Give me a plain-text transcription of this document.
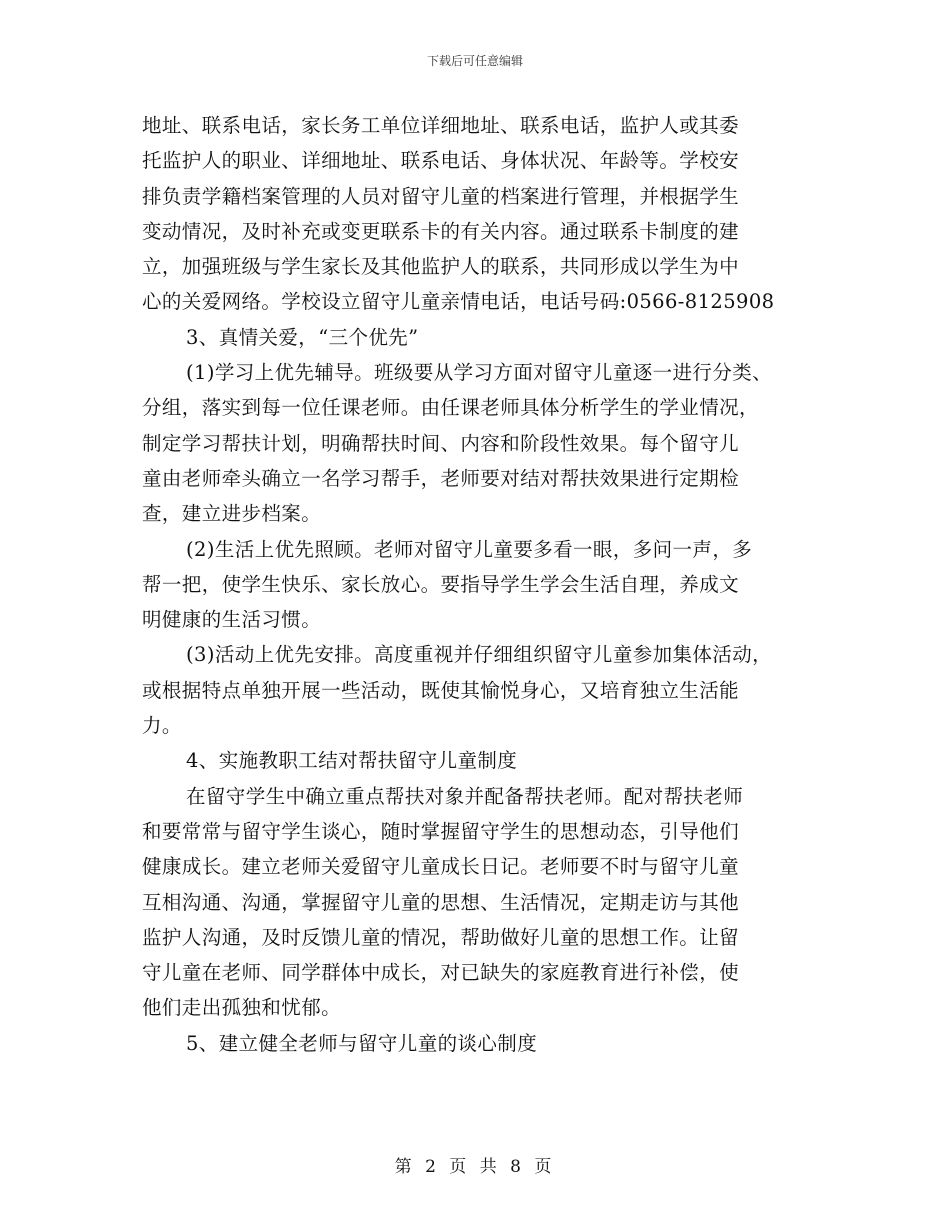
下载后可任意编辑
地址、联系电话，家长务工单位详细地址、联系电话，监护人或其委
托监护人的职业、详细地址、联系电话、身体状况、年龄等。学校安
排负责学籍档案管理的人员对留守儿童的档案进行管理，并根据学生
变动情况，及时补充或变更联系卡的有关内容。通过联系卡制度的建
立，加强班级与学生家长及其他监护人的联系，共同形成以学生为中
心的关爱网络。学校设立留守儿童亲情电话，电话号码:0566-8125908
3、真情关爱，“三个优先”
(1)学习上优先辅导。班级要从学习方面对留守儿童逐一进行分类、
分组，落实到每一位任课老师。由任课老师具体分析学生的学业情况，
制定学习帮扶计划，明确帮扶时间、内容和阶段性效果。每个留守儿
童由老师牵头确立一名学习帮手，老师要对结对帮扶效果进行定期检
查，建立进步档案。
(2)生活上优先照顾。老师对留守儿童要多看一眼，多问一声，多
帮一把，使学生快乐、家长放心。要指导学生学会生活自理，养成文
明健康的生活习惯。
(3)活动上优先安排。高度重视并仔细组织留守儿童参加集体活动，
或根据特点单独开展一些活动，既使其愉悦身心，又培育独立生活能
力。
4、实施教职工结对帮扶留守儿童制度
在留守学生中确立重点帮扶对象并配备帮扶老师。配对帮扶老师
和要常常与留守学生谈心，随时掌握留守学生的思想动态，引导他们
健康成长。建立老师关爱留守儿童成长日记。老师要不时与留守儿童
互相沟通、沟通，掌握留守儿童的思想、生活情况，定期走访与其他
监护人沟通，及时反馈儿童的情况，帮助做好儿童的思想工作。让留
守儿童在老师、同学群体中成长，对已缺失的家庭教育进行补偿，使
他们走出孤独和忧郁。
5、建立健全老师与留守儿童的谈心制度
第 2 页 共 8 页
